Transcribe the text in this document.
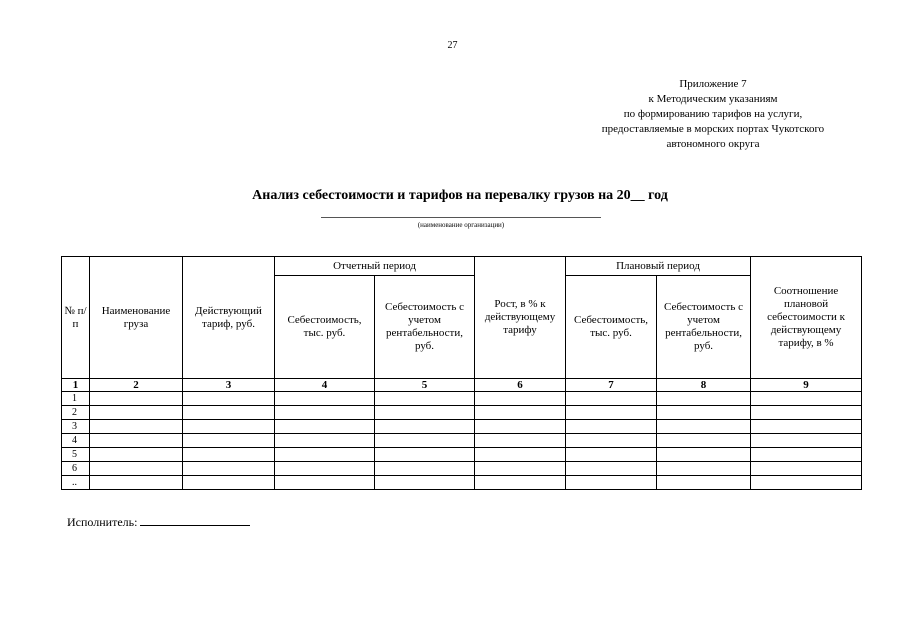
27
Приложение 7
к Методическим указаниям
по формированию тарифов на услуги,
предоставляемые в морских портах Чукотского
автономного округа
Анализ себестоимости и тарифов на перевалку грузов на 20__ год
(наименование организации)
№ п/п	Наименование груза	Действующий тариф, руб.	Отчетный период		Рост, в % к действующему тарифу	Плановый период		Соотношение плановой себестоимости к действующему тарифу, в %
			Себестоимость, тыс. руб.	Себестоимость с учетом рентабельности, руб.		Себестоимость, тыс. руб.	Себестоимость с учетом рентабельности, руб.	
1	2	3	4	5	6	7	8	9
1								
2								
3								
4								
5								
6								
..								
Исполнитель:
